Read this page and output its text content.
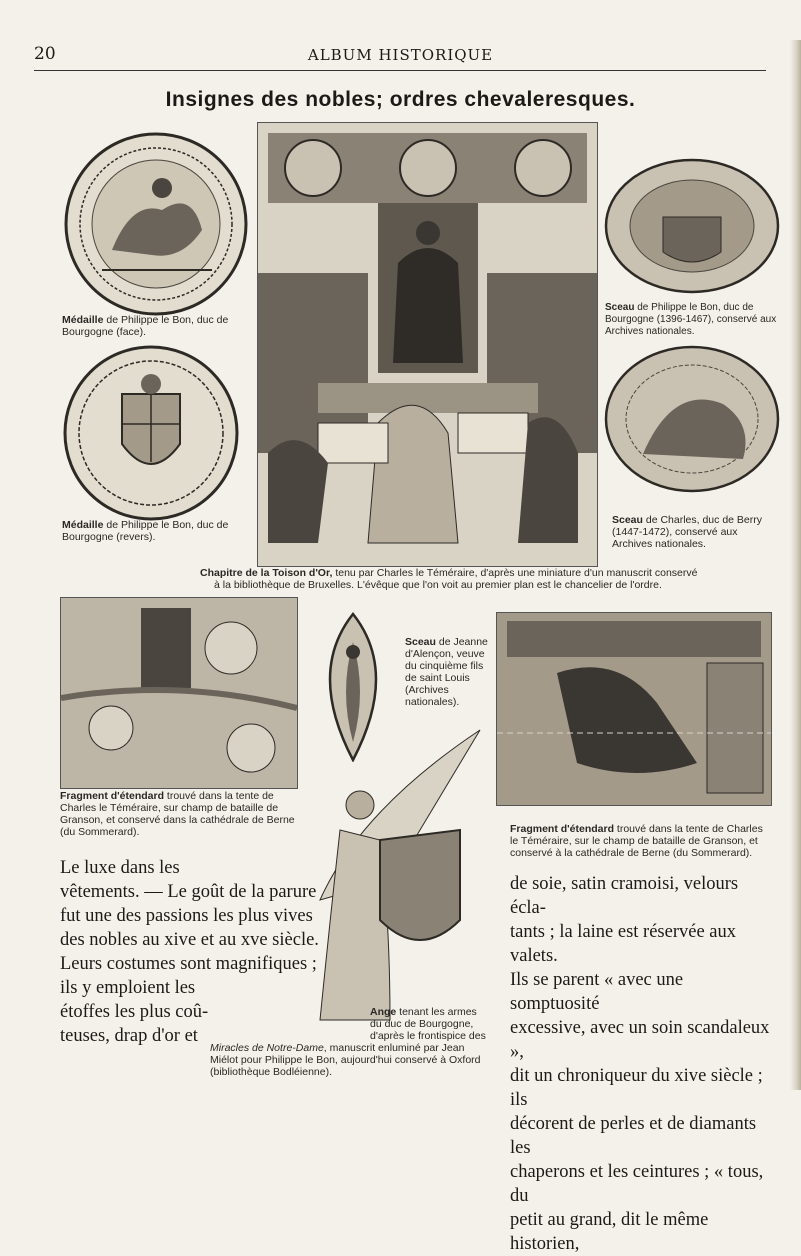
20	ALBUM HISTORIQUE
Insignes des nobles; ordres chevaleresques.
Médaille de Philippe le Bon, duc de Bourgogne (face).
Médaille de Philippe le Bon, duc de Bourgogne (revers).
Sceau de Philippe le Bon, duc de Bourgogne (1396-1467), conservé aux Archives nationales.
Sceau de Charles, duc de Berry (1447-1472), conservé aux Archives nationales.
Chapitre de la Toison d'Or, tenu par Charles le Téméraire, d'après une miniature d'un manuscrit conservé
à la bibliothèque de Bruxelles. L'évêque que l'on voit au premier plan est le chancelier de l'ordre.
Fragment d'étendard trouvé dans la tente de Charles le Téméraire, sur champ de bataille de Granson, et conservé dans la cathédrale de Berne (du Sommerard).
Sceau de Jeanne d'Alençon, veuve du cinquième fils de saint Louis (Archives nationales).
Fragment d'étendard trouvé dans la tente de Charles le Téméraire, sur le champ de bataille de Granson, et conservé à la cathédrale de Berne (du Sommerard).
Ange tenant les armes du duc de Bourgogne, d'après le frontispice des
Miracles de Notre-Dame, manuscrit enluminé par Jean Miélot pour Philippe le Bon, aujourd'hui conservé à Oxford (bibliothèque Bodléienne).
Le luxe dans les
vêtements. — Le goût de la parure
fut une des passions les plus vives
des nobles au xive et au xve siècle.
Leurs costumes sont magnifiques ;
ils y emploient les
étoffes les plus coû-
teuses, drap d'or et
de soie, satin cramoisi, velours écla-
tants ; la laine est réservée aux valets.
Ils se parent « avec une somptuosité
excessive, avec un soin scandaleux »,
dit un chroniqueur du xive siècle ; ils
décorent de perles et de diamants les
chaperons et les ceintures ; « tous, du
petit au grand, dit le même historien,
